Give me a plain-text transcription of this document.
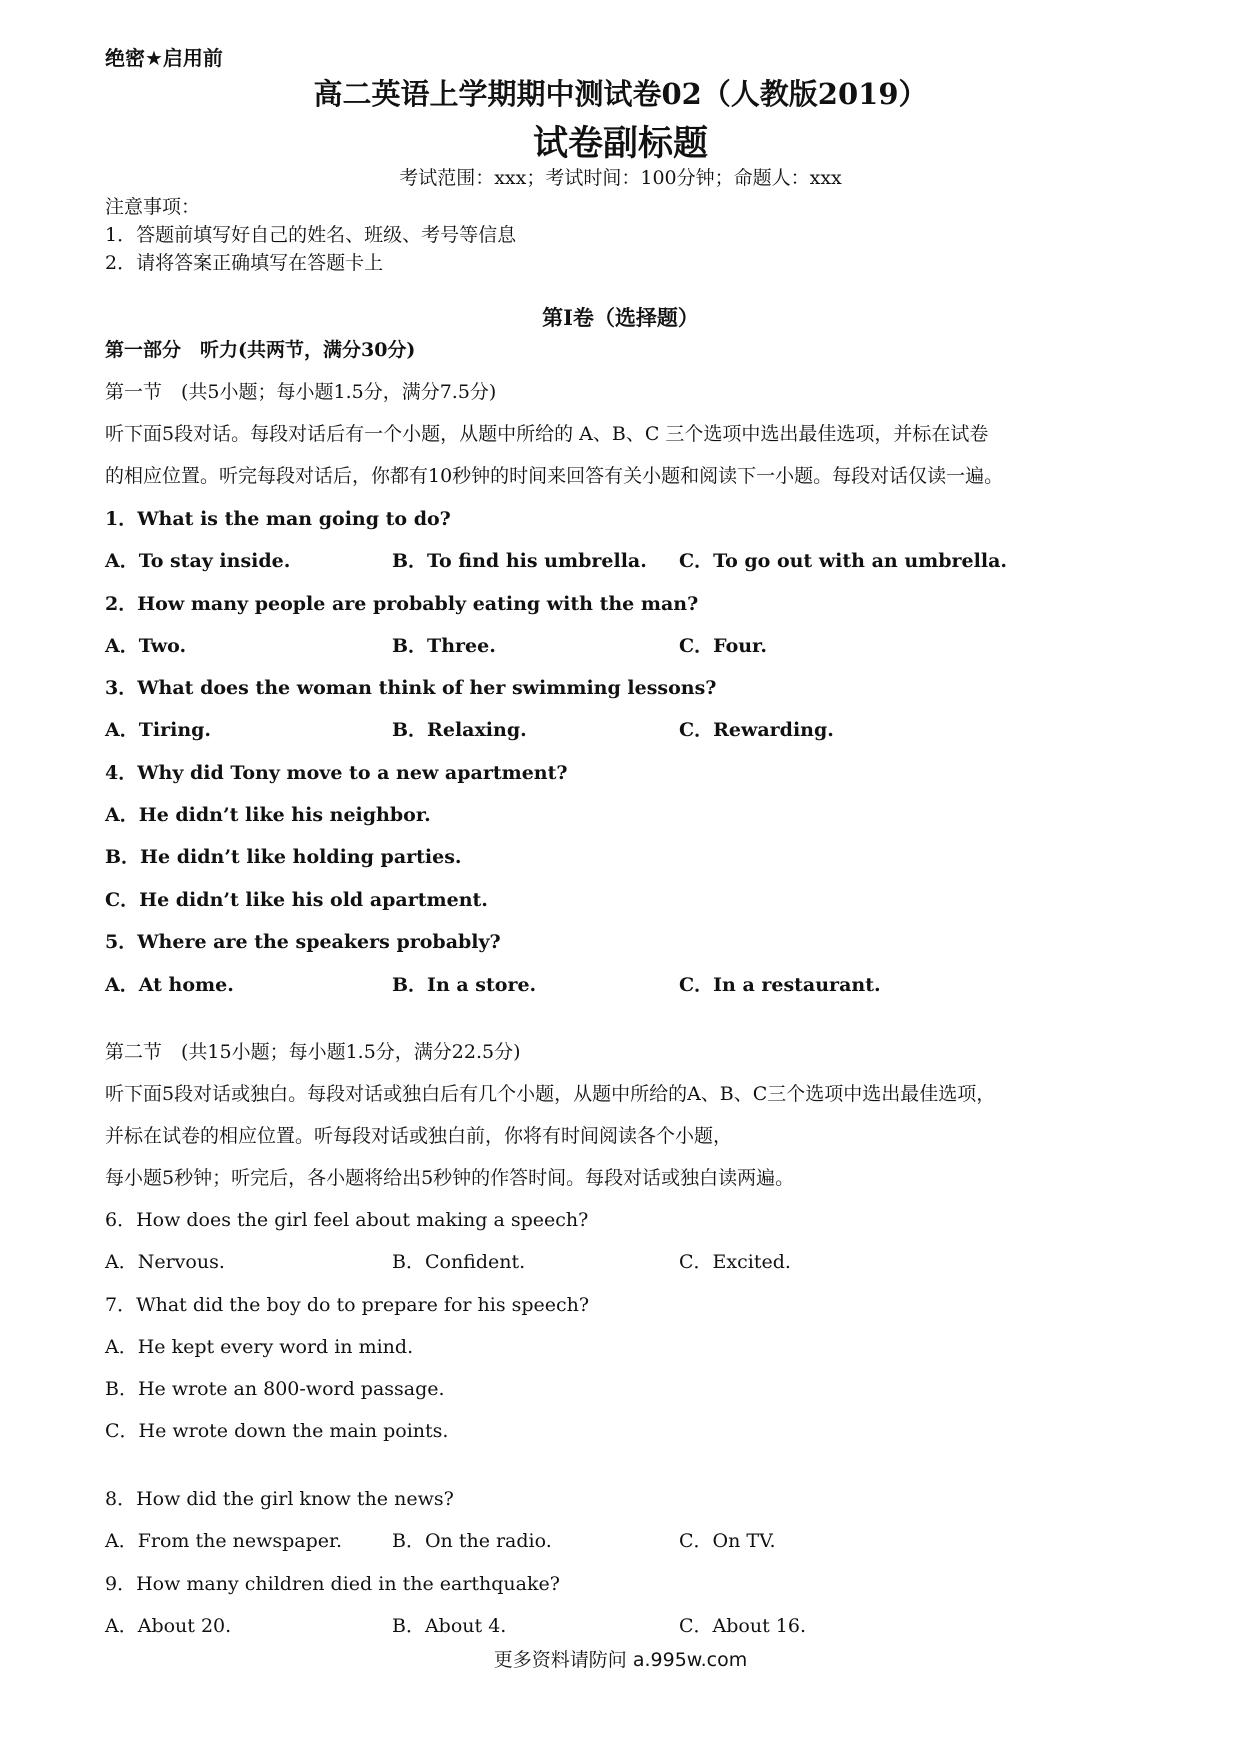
绝密★启用前
高二英语上学期期中测试卷02（人教版2019）
试卷副标题
考试范围：xxx；考试时间：100分钟；命题人：xxx
注意事项：
1．答题前填写好自己的姓名、班级、考号等信息
2．请将答案正确填写在答题卡上
第I卷（选择题）
第一部分　听力(共两节，满分30分)
第一节　(共5小题；每小题1.5分，满分7.5分)
听下面5段对话。每段对话后有一个小题，从题中所给的 A、B、C 三个选项中选出最佳选项，并标在试卷
的相应位置。听完每段对话后，你都有10秒钟的时间来回答有关小题和阅读下一小题。每段对话仅读一遍。
1．What is the man going to do?
A．To stay inside.	B．To find his umbrella. C．To go out with an umbrella.
2．How many people are probably eating with the man?
A．Two.	B．Three.	C．Four.
3．What does the woman think of her swimming lessons?
A．Tiring.	B．Relaxing.	C．Rewarding.
4．Why did Tony move to a new apartment?
A．He didn’t like his neighbor.
B．He didn’t like holding parties.
C．He didn’t like his old apartment.
5．Where are the speakers probably?
A．At home.	B．In a store.	C．In a restaurant.
第二节　(共15小题；每小题1.5分，满分22.5分)
听下面5段对话或独白。每段对话或独白后有几个小题，从题中所给的A、B、C三个选项中选出最佳选项，
并标在试卷的相应位置。听每段对话或独白前，你将有时间阅读各个小题，
每小题5秒钟；听完后，各小题将给出5秒钟的作答时间。每段对话或独白读两遍。
6．How does the girl feel about making a speech?
A．Nervous.	B．Confident.	C．Excited.
7．What did the boy do to prepare for his speech?
A．He kept every word in mind.
B．He wrote an 800-word passage.
C．He wrote down the main points.
8．How did the girl know the news?
A．From the newspaper.	B．On the radio.	C．On TV.
9．How many children died in the earthquake?
A．About 20.	B．About 4.	C．About 16.
更多资料请防问 a.995w.com
